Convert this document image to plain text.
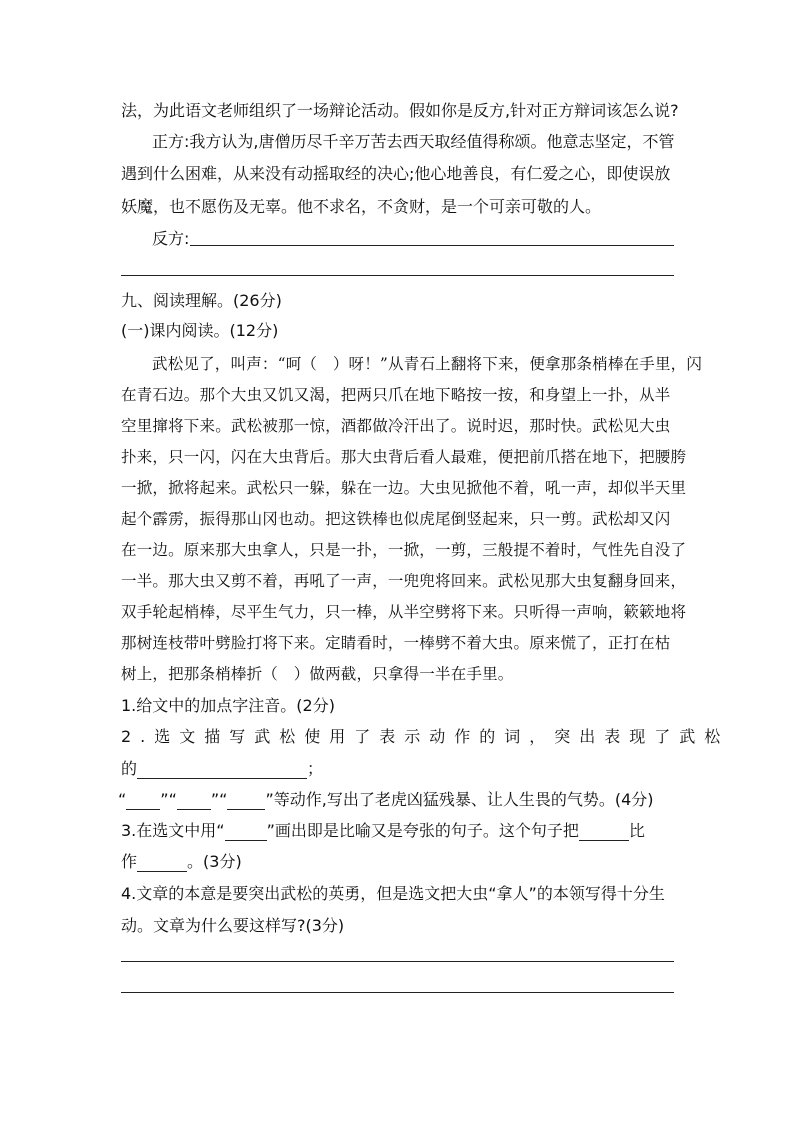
法，为此语文老师组织了一场辩论活动。假如你是反方,针对正方辩词该怎么说?
正方:我方认为,唐僧历尽千辛万苦去西天取经值得称颂。他意志坚定，不管
遇到什么困难，从来没有动摇取经的决心;他心地善良，有仁爱之心，即使误放
妖魔，也不愿伤及无辜。他不求名，不贪财，是一个可亲可敬的人。
反方:
九、阅读理解。(26分)
(一)课内阅读。(12分)
武松见了，叫声：“呵（　）呀！”从青石上翻将下来，便拿那条梢棒在手里，闪
在青石边。那个大虫又饥又渴，把两只爪在地下略按一按，和身望上一扑，从半
空里撺将下来。武松被那一惊，酒都做冷汗出了。说时迟，那时快。武松见大虫
扑来，只一闪，闪在大虫背后。那大虫背后看人最难，便把前爪搭在地下，把腰胯
一掀，掀将起来。武松只一躲，躲在一边。大虫见掀他不着，吼一声，却似半天里
起个霹雳，振得那山冈也动。把这铁棒也似虎尾倒竖起来，只一剪。武松却又闪
在一边。原来那大虫拿人，只是一扑，一掀，一剪，三般提不着时，气性先自没了
一半。那大虫又剪不着，再吼了一声，一兜兜将回来。武松见那大虫复翻身回来，
双手轮起梢棒，尽平生气力，只一棒，从半空劈将下来。只听得一声响，簌簌地将
那树连枝带叶劈脸打将下来。定睛看时，一棒劈不着大虫。原来慌了，正打在枯
树上，把那条梢棒折（　）做两截，只拿得一半在手里。
1.给文中的加点字注音。(2分)
2.选文描写武松使用了表示动作的词，突出表现了武松
的	；
“ ”“ ”“ ”等动作,写出了老虎凶猛残暴、让人生畏的气势。(4分)
3.在选文中用“	”画出即是比喻又是夸张的句子。这个句子把	比
作	。(3分)
4.文章的本意是要突出武松的英勇，但是选文把大虫“拿人”的本领写得十分生
动。文章为什么要这样写?(3分)
